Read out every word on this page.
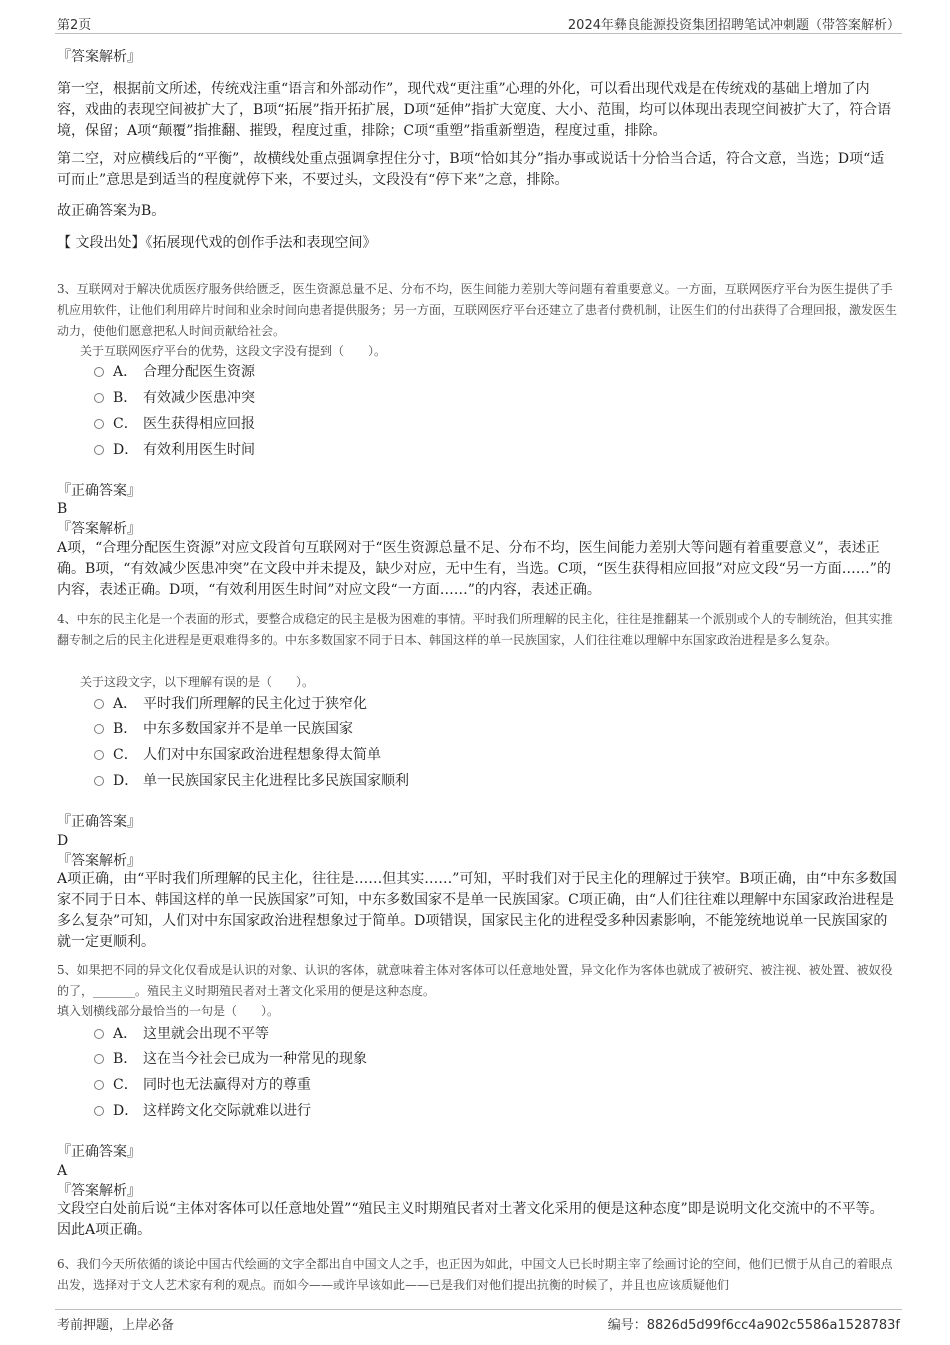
第2页	2024年彝良能源投资集团招聘笔试冲刺题（带答案解析）
『答案解析』
第一空，根据前文所述，传统戏注重“语言和外部动作”，现代戏“更注重”心理的外化，可以看出现代戏是在传统戏的基础上增加了内容，戏曲的表现空间被扩大了，B项“拓展”指开拓扩展，D项“延伸”指扩大宽度、大小、范围，均可以体现出表现空间被扩大了，符合语境，保留；A项“颠覆”指推翻、摧毁，程度过重，排除；C项“重塑”指重新塑造，程度过重，排除。
第二空，对应横线后的“平衡”，故横线处重点强调拿捏住分寸，B项“恰如其分”指办事或说话十分恰当合适，符合文意，当选；D项“适可而止”意思是到适当的程度就停下来，不要过头，文段没有“停下来”之意，排除。
故正确答案为B。
【 文段出处】《拓展现代戏的创作手法和表现空间》
3、互联网对于解决优质医疗服务供给匮乏，医生资源总量不足、分布不均，医生间能力差别大等问题有着重要意义。一方面，互联网医疗平台为医生提供了手机应用软件，让他们利用碎片时间和业余时间向患者提供服务；另一方面，互联网医疗平台还建立了患者付费机制，让医生们的付出获得了合理回报，激发医生动力，使他们愿意把私人时间贡献给社会。
关于互联网医疗平台的优势，这段文字没有提到（　　）。
A． 合理分配医生资源
B． 有效减少医患冲突
C． 医生获得相应回报
D． 有效利用医生时间
『正确答案』
B
『答案解析』
A项，“合理分配医生资源”对应文段首句互联网对于“医生资源总量不足、分布不均，医生间能力差别大等问题有着重要意义”，表述正确。B项，“有效减少医患冲突”在文段中并未提及，缺少对应，无中生有，当选。C项，“医生获得相应回报”对应文段“另一方面……”的内容，表述正确。D项，“有效利用医生时间”对应文段“一方面……”的内容，表述正确。
4、中东的民主化是一个表面的形式，要整合成稳定的民主是极为困难的事情。平时我们所理解的民主化，往往是推翻某一个派别或个人的专制统治，但其实推翻专制之后的民主化进程是更艰难得多的。中东多数国家不同于日本、韩国这样的单一民族国家，人们往往难以理解中东国家政治进程是多么复杂。
关于这段文字，以下理解有误的是（　　）。
A． 平时我们所理解的民主化过于狭窄化
B． 中东多数国家并不是单一民族国家
C． 人们对中东国家政治进程想象得太简单
D． 单一民族国家民主化进程比多民族国家顺利
『正确答案』
D
『答案解析』
A项正确，由“平时我们所理解的民主化，往往是……但其实……”可知，平时我们对于民主化的理解过于狭窄。B项正确，由“中东多数国家不同于日本、韩国这样的单一民族国家”可知，中东多数国家不是单一民族国家。C项正确，由“人们往往难以理解中东国家政治进程是多么复杂”可知，人们对中东国家政治进程想象过于简单。D项错误，国家民主化的进程受多种因素影响，不能笼统地说单一民族国家的就一定更顺利。
5、如果把不同的异文化仅看成是认识的对象、认识的客体，就意味着主体对客体可以任意地处置，异文化作为客体也就成了被研究、被注视、被处置、被奴役的了，_______。殖民主义时期殖民者对土著文化采用的便是这种态度。
填入划横线部分最恰当的一句是（　　）。
A． 这里就会出现不平等
B． 这在当今社会已成为一种常见的现象
C． 同时也无法赢得对方的尊重
D． 这样跨文化交际就难以进行
『正确答案』
A
『答案解析』
文段空白处前后说“主体对客体可以任意地处置”“殖民主义时期殖民者对土著文化采用的便是这种态度”即是说明文化交流中的不平等。因此A项正确。
6、我们今天所依循的谈论中国古代绘画的文字全都出自中国文人之手，也正因为如此，中国文人已长时期主宰了绘画讨论的空间，他们已惯于从自己的着眼点出发，选择对于文人艺术家有利的观点。而如今——或许早该如此——已是我们对他们提出抗衡的时候了，并且也应该质疑他们
考前押题，上岸必备	编号：8826d5d99f6cc4a902c5586a1528783f
